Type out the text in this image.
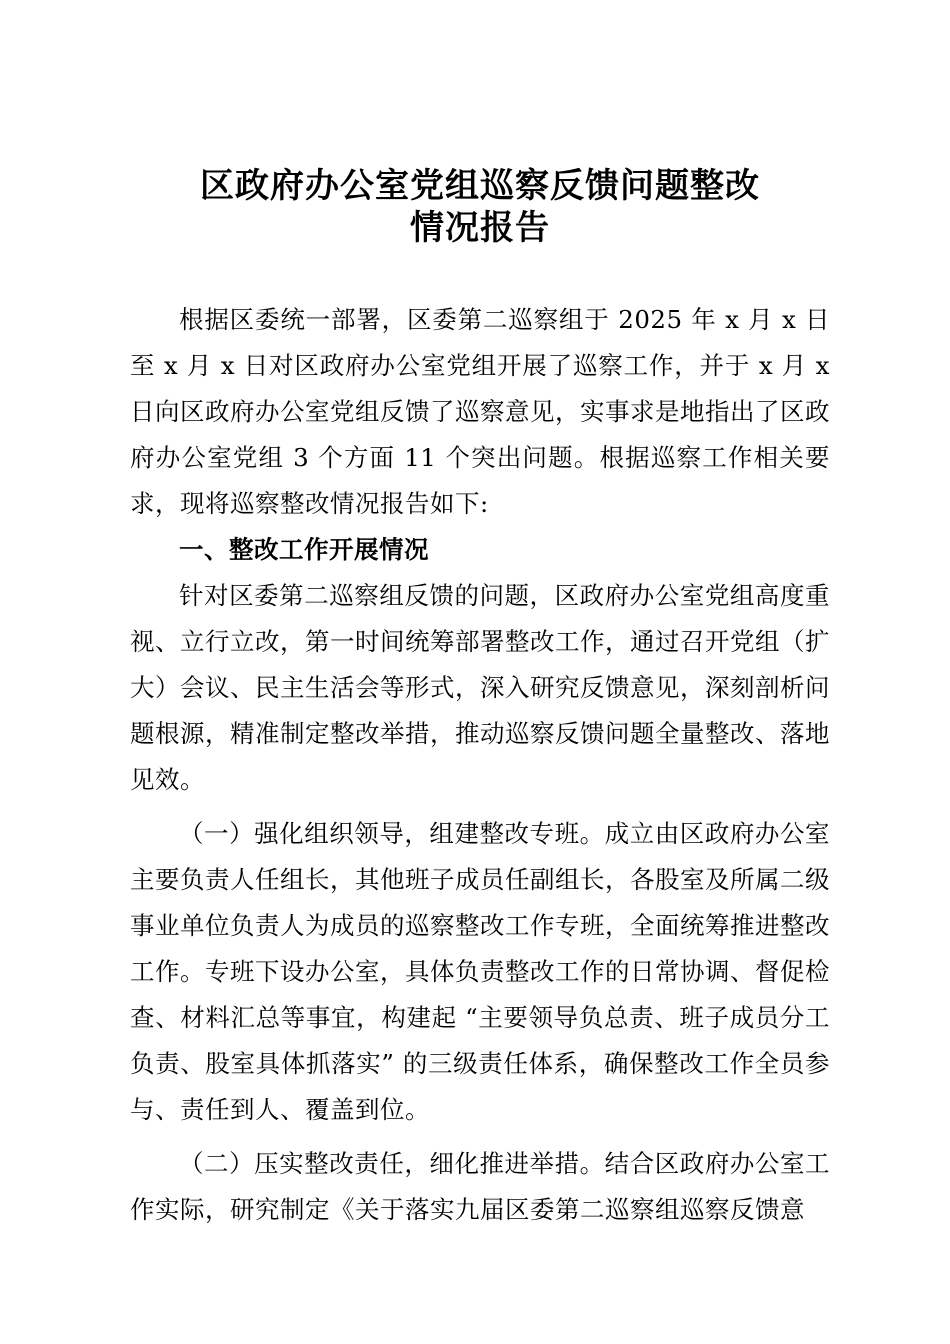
区政府办公室党组巡察反馈问题整改
情况报告

根据区委统一部署，区委第二巡察组于 2025 年 x 月 x 日至 x 月 x 日对区政府办公室党组开展了巡察工作，并于 x 月 x 日向区政府办公室党组反馈了巡察意见，实事求是地指出了区政府办公室党组 3 个方面 11 个突出问题。根据巡察工作相关要求，现将巡察整改情况报告如下:

一、整改工作开展情况

针对区委第二巡察组反馈的问题，区政府办公室党组高度重视、立行立改，第一时间统筹部署整改工作，通过召开党组（扩大）会议、民主生活会等形式，深入研究反馈意见，深刻剖析问题根源，精准制定整改举措，推动巡察反馈问题全量整改、落地见效。

（一）强化组织领导，组建整改专班。成立由区政府办公室主要负责人任组长，其他班子成员任副组长，各股室及所属二级事业单位负责人为成员的巡察整改工作专班，全面统筹推进整改工作。专班下设办公室，具体负责整改工作的日常协调、督促检查、材料汇总等事宜，构建起 “主要领导负总责、班子成员分工负责、股室具体抓落实” 的三级责任体系，确保整改工作全员参与、责任到人、覆盖到位。

（二）压实整改责任，细化推进举措。结合区政府办公室工作实际，研究制定《关于落实九届区委第二巡察组巡察反馈意
